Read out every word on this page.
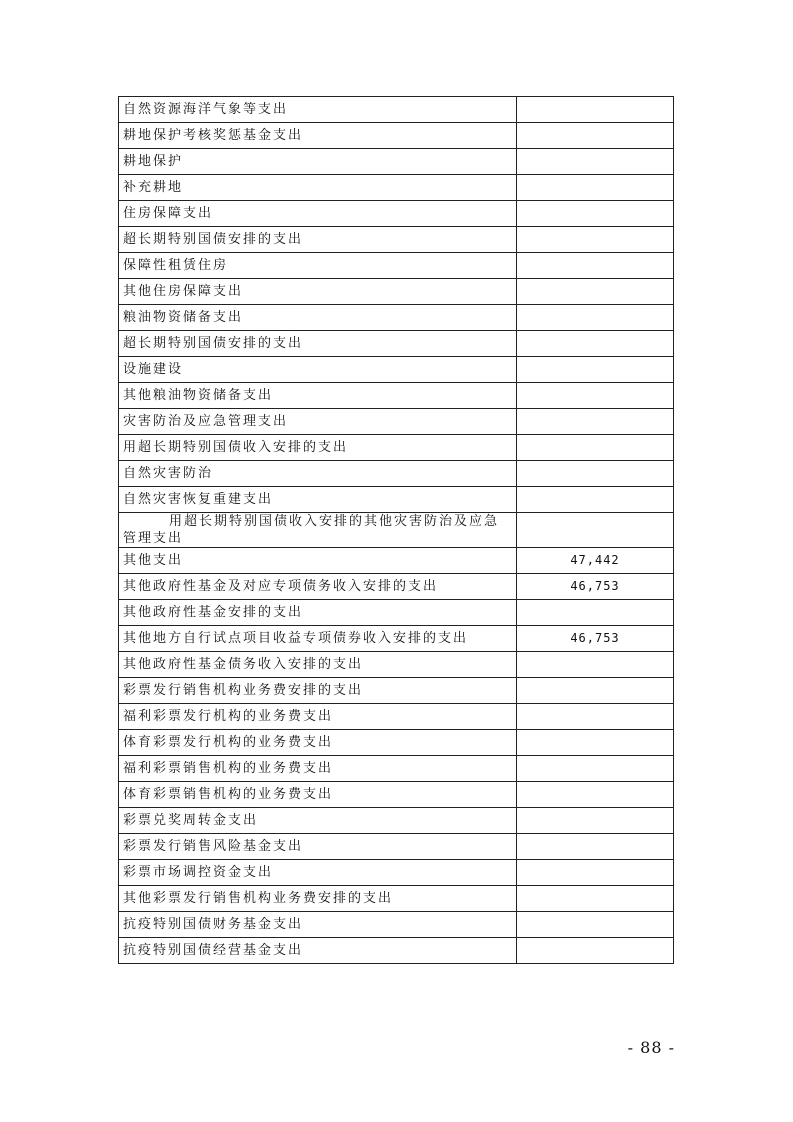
自然资源海洋气象等支出	
耕地保护考核奖惩基金支出	
耕地保护	
补充耕地	
住房保障支出	
超长期特别国债安排的支出	
保障性租赁住房	
其他住房保障支出	
粮油物资储备支出	
超长期特别国债安排的支出	
设施建设	
其他粮油物资储备支出	
灾害防治及应急管理支出	
用超长期特别国债收入安排的支出	
自然灾害防治	
自然灾害恢复重建支出	
用超长期特别国债收入安排的其他灾害防治及应急管理支出	
其他支出	47,442
其他政府性基金及对应专项债务收入安排的支出	46,753
其他政府性基金安排的支出	
其他地方自行试点项目收益专项债券收入安排的支出	46,753
其他政府性基金债务收入安排的支出	
彩票发行销售机构业务费安排的支出	
福利彩票发行机构的业务费支出	
体育彩票发行机构的业务费支出	
福利彩票销售机构的业务费支出	
体育彩票销售机构的业务费支出	
彩票兑奖周转金支出	
彩票发行销售风险基金支出	
彩票市场调控资金支出	
其他彩票发行销售机构业务费安排的支出	
抗疫特别国债财务基金支出	
抗疫特别国债经营基金支出	
- 88 -
